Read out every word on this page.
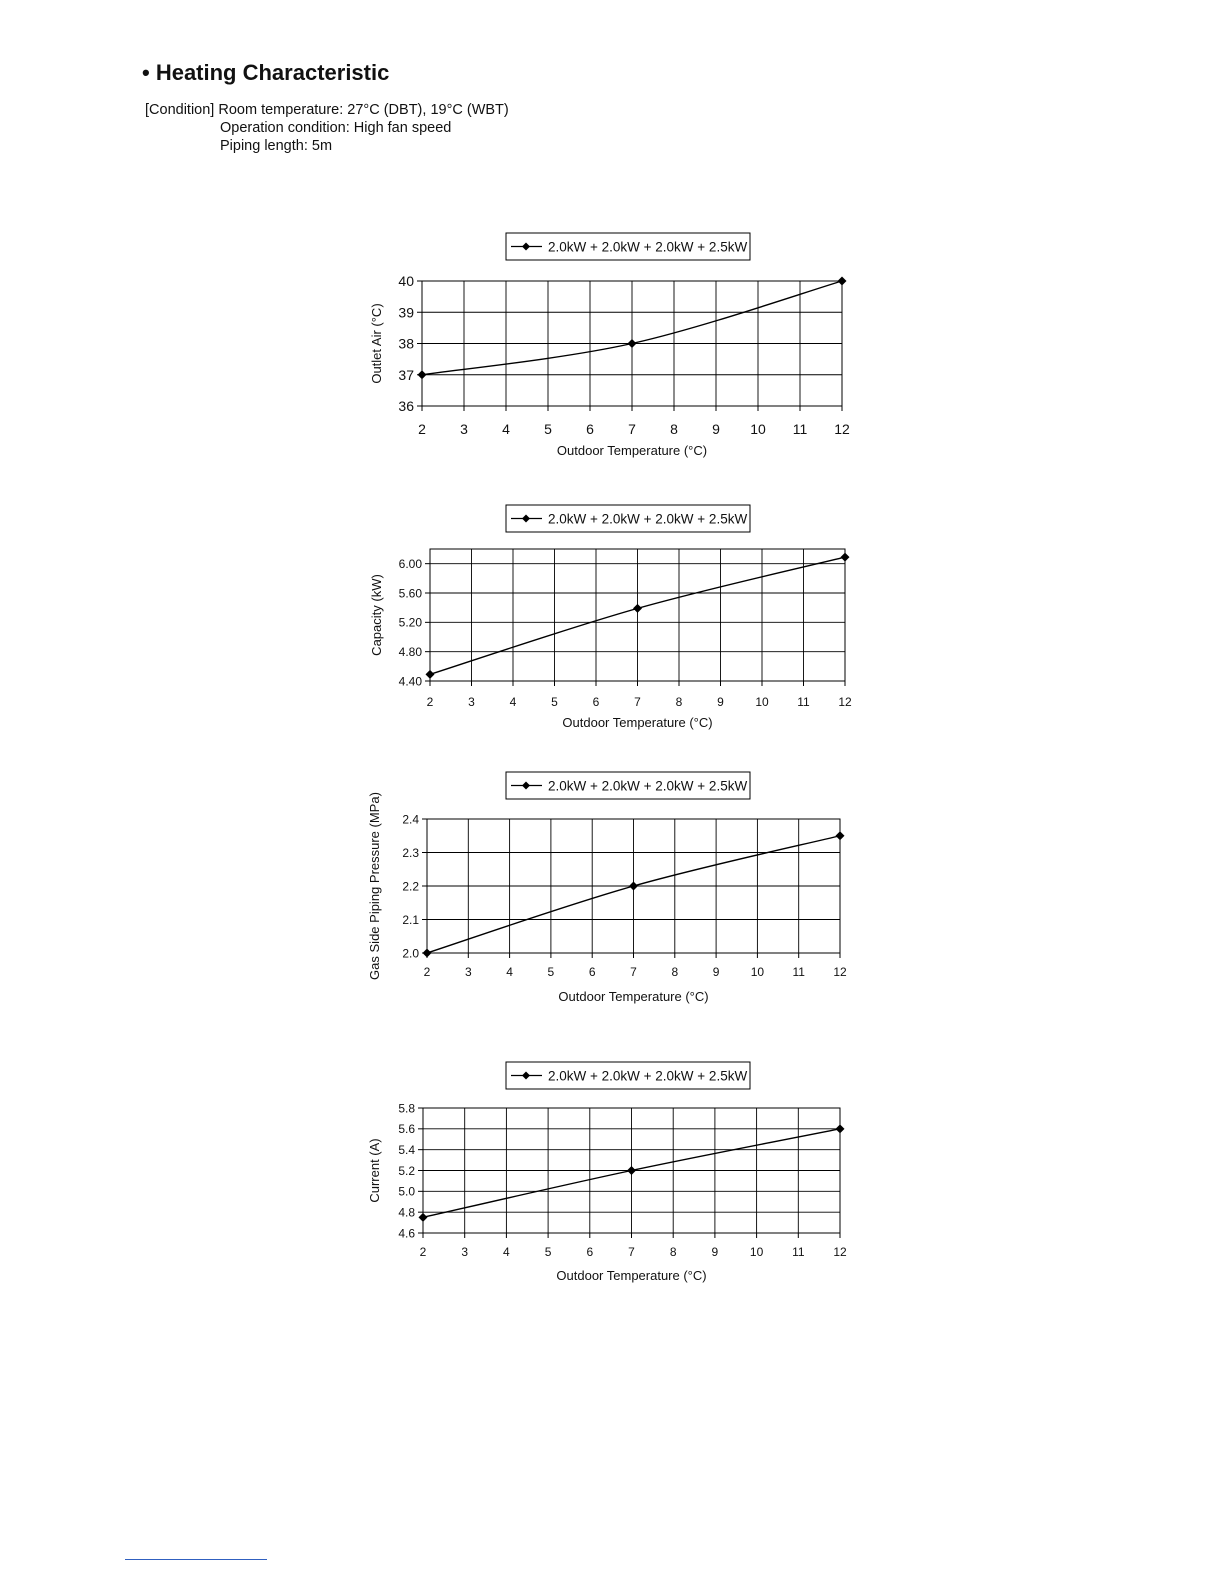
• Heating Characteristic
[Condition] Room temperature: 27°C (DBT), 19°C (WBT)
Operation condition: High fan speed
Piping length: 5m
2.0kW + 2.0kW + 2.0kW + 2.5kW
2 3 4 5 6 7 8 9 10 11 12
36
37
38
39
40
Outdoor Temperature (°C)
Outlet Air (°C)
2.0kW + 2.0kW + 2.0kW + 2.5kW
2	3	4	5	6	7	8	9	10 11 12
4.40
4.80
5.20
5.60
6.00
Outdoor Temperature (°C)
Capacity (kW)
2.0kW + 2.0kW + 2.0kW + 2.5kW
2	3	4	5	6	7	8	9	10 11 12
2.0
2.1
2.2
2.3
2.4
Outdoor Temperature (°C)
Gas Side Piping Pressure (MPa)
2.0kW + 2.0kW + 2.0kW + 2.5kW
2	3	4	5	6	7	8	9	10 11 12
4.6
4.8
5.0
5.2
5.4
5.6
5.8
Outdoor Temperature (°C)
Current (A)
